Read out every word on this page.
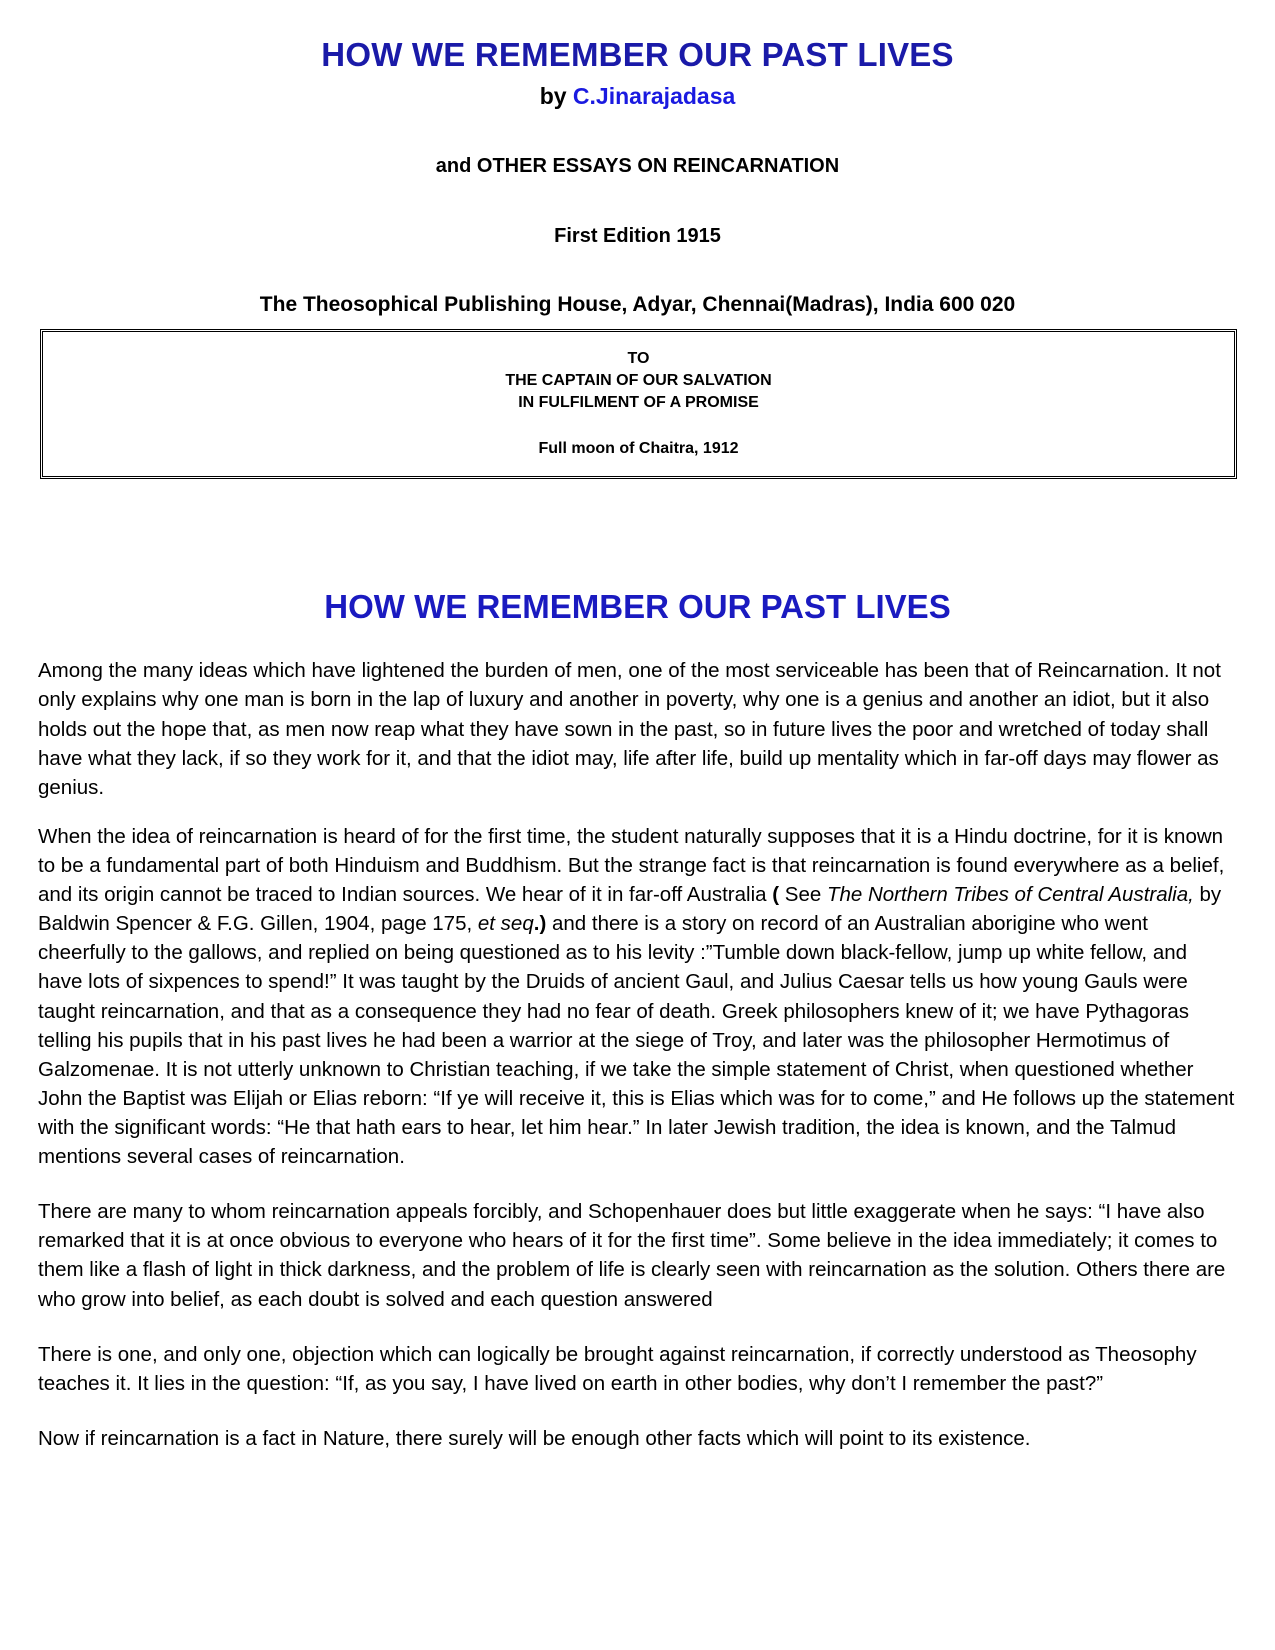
HOW WE REMEMBER OUR PAST LIVES
by C.Jinarajadasa
and OTHER ESSAYS ON REINCARNATION
First Edition 1915
The Theosophical Publishing House, Adyar, Chennai(Madras), India 600 020
TO
THE CAPTAIN OF OUR SALVATION
IN FULFILMENT OF A PROMISE
Full moon of Chaitra, 1912
HOW WE REMEMBER OUR PAST LIVES

Among the many ideas which have lightened the burden of men, one of the most serviceable has been that of Reincarnation. It not only explains why one man is born in the lap of luxury and another in poverty, why one is a genius and another an idiot, but it also holds out the hope that, as men now reap what they have sown in the past, so in future lives the poor and wretched of today shall have what they lack, if so they work for it, and that the idiot may, life after life, build up mentality which in far-off days may flower as genius.

When the idea of reincarnation is heard of for the first time, the student naturally supposes that it is a Hindu doctrine, for it is known to be a fundamental part of both Hinduism and Buddhism. But the strange fact is that reincarnation is found everywhere as a belief, and its origin cannot be traced to Indian sources. We hear of it in far-off Australia ( See The Northern Tribes of Central Australia, by Baldwin Spencer & F.G. Gillen, 1904, page 175, et seq.) and there is a story on record of an Australian aborigine who went cheerfully to the gallows, and replied on being questioned as to his levity :”Tumble down black-fellow, jump up white fellow, and have lots of sixpences to spend!” It was taught by the Druids of ancient Gaul, and Julius Caesar tells us how young Gauls were taught reincarnation, and that as a consequence they had no fear of death. Greek philosophers knew of it; we have Pythagoras telling his pupils that in his past lives he had been a warrior at the siege of Troy, and later was the philosopher Hermotimus of Galzomenae. It is not utterly unknown to Christian teaching, if we take the simple statement of Christ, when questioned whether John the Baptist was Elijah or Elias reborn: “If ye will receive it, this is Elias which was for to come,” and He follows up the statement with the significant words: “He that hath ears to hear, let him hear.” In later Jewish tradition, the idea is known, and the Talmud mentions several cases of reincarnation.

There are many to whom reincarnation appeals forcibly, and Schopenhauer does but little exaggerate when he says: “I have also remarked that it is at once obvious to everyone who hears of it for the first time”. Some believe in the idea immediately; it comes to them like a flash of light in thick darkness, and the problem of life is clearly seen with reincarnation as the solution. Others there are who grow into belief, as each doubt is solved and each question answered

There is one, and only one, objection which can logically be brought against reincarnation, if correctly understood as Theosophy teaches it. It lies in the question: “If, as you say, I have lived on earth in other bodies, why don’t I remember the past?”

Now if reincarnation is a fact in Nature, there surely will be enough other facts which will point to its existence.
